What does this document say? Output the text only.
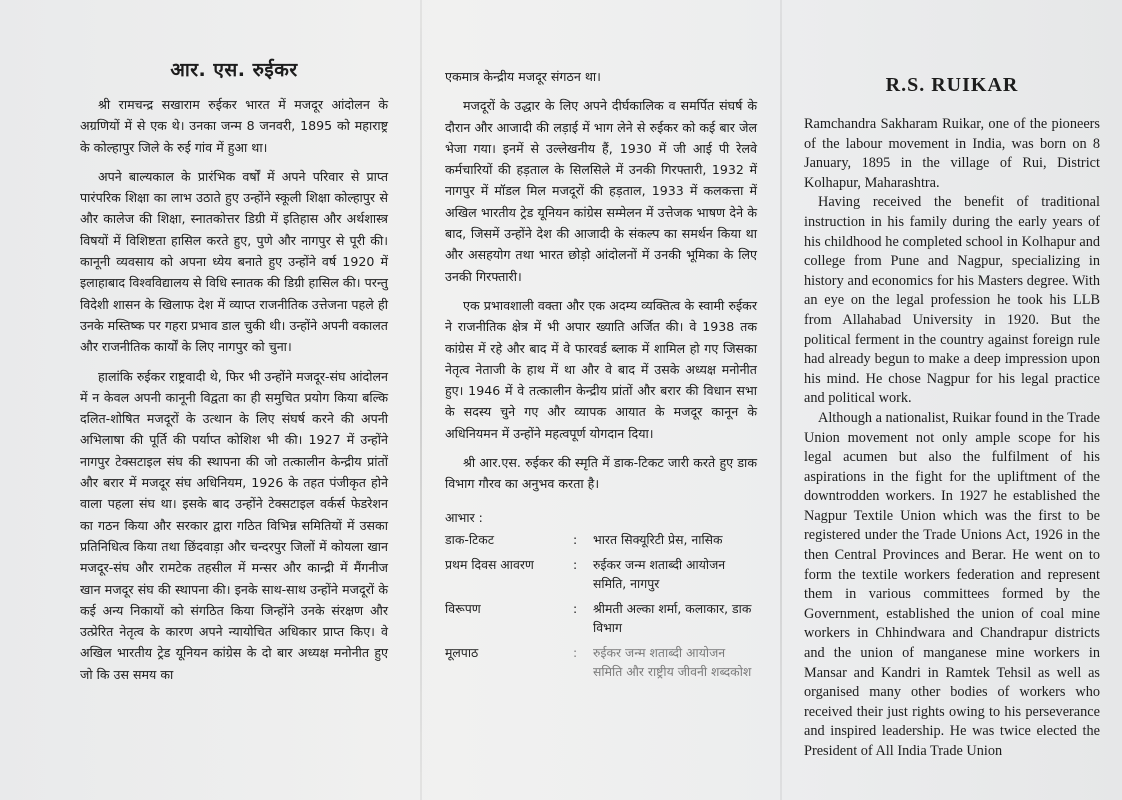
आर. एस. रुईकर

श्री रामचन्द्र सखाराम रुईकर भारत में मजदूर आंदोलन के अग्रणियों में से एक थे। उनका जन्म 8 जनवरी, 1895 को महाराष्ट्र के कोल्हापुर जिले के रुई गांव में हुआ था।

अपने बाल्यकाल के प्रारंभिक वर्षों में अपने परिवार से प्राप्त पारंपरिक शिक्षा का लाभ उठाते हुए उन्होंने स्कूली शिक्षा कोल्हापुर से और कालेज की शिक्षा, स्नातकोत्तर डिग्री में इतिहास और अर्थशास्त्र विषयों में विशिष्टता हासिल करते हुए, पुणे और नागपुर से पूरी की। कानूनी व्यवसाय को अपना ध्येय बनाते हुए उन्होंने वर्ष 1920 में इलाहाबाद विश्वविद्यालय से विधि स्नातक की डिग्री हासिल की। परन्तु विदेशी शासन के खिलाफ देश में व्याप्त राजनीतिक उत्तेजना पहले ही उनके मस्तिष्क पर गहरा प्रभाव डाल चुकी थी। उन्होंने अपनी वकालत और राजनीतिक कार्यों के लिए नागपुर को चुना।

हालांकि रुईकर राष्ट्रवादी थे, फिर भी उन्होंने मजदूर-संघ आंदोलन में न केवल अपनी कानूनी विद्वता का ही समुचित प्रयोग किया बल्कि दलित-शोषित मजदूरों के उत्थान के लिए संघर्ष करने की अपनी अभिलाषा की पूर्ति की पर्याप्त कोशिश भी की। 1927 में उन्होंने नागपुर टेक्सटाइल संघ की स्थापना की जो तत्कालीन केन्द्रीय प्रांतों और बरार में मजदूर संघ अधिनियम, 1926 के तहत पंजीकृत होने वाला पहला संघ था। इसके बाद उन्होंने टेक्सटाइल वर्कर्स फेडरेशन का गठन किया और सरकार द्वारा गठित विभिन्न समितियों में उसका प्रतिनिधित्व किया तथा छिंदवाड़ा और चन्दरपुर जिलों में कोयला खान मजदूर-संघ और रामटेक तहसील में मन्सर और कान्द्री में मैंगनीज खान मजदूर संघ की स्थापना की। इनके साथ-साथ उन्होंने मजदूरों के कई अन्य निकायों को संगठित किया जिन्होंने उनके संरक्षण और उत्प्रेरित नेतृत्व के कारण अपने न्यायोचित अधिकार प्राप्त किए। वे अखिल भारतीय ट्रेड यूनियन कांग्रेस के दो बार अध्यक्ष मनोनीत हुए जो कि उस समय का

एकमात्र केन्द्रीय मजदूर संगठन था।

मजदूरों के उद्धार के लिए अपने दीर्घकालिक व समर्पित संघर्ष के दौरान और आजादी की लड़ाई में भाग लेने से रुईकर को कई बार जेल भेजा गया। इनमें से उल्लेखनीय हैं, 1930 में जी आई पी रेलवे कर्मचारियों की हड़ताल के सिलसिले में उनकी गिरफ्तारी, 1932 में नागपुर में मॉडल मिल मजदूरों की हड़ताल, 1933 में कलकत्ता में अखिल भारतीय ट्रेड यूनियन कांग्रेस सम्मेलन में उत्तेजक भाषण देने के बाद, जिसमें उन्होंने देश की आजादी के संकल्प का समर्थन किया था और असहयोग तथा भारत छोड़ो आंदोलनों में उनकी भूमिका के लिए उनकी गिरफ्तारी।

एक प्रभावशाली वक्ता और एक अदम्य व्यक्तित्व के स्वामी रुईकर ने राजनीतिक क्षेत्र में भी अपार ख्याति अर्जित की। वे 1938 तक कांग्रेस में रहे और बाद में वे फारवर्ड ब्लाक में शामिल हो गए जिसका नेतृत्व नेताजी के हाथ में था और वे बाद में उसके अध्यक्ष मनोनीत हुए। 1946 में वे तत्कालीन केन्द्रीय प्रांतों और बरार की विधान सभा के सदस्य चुने गए और व्यापक आयात के मजदूर कानून के अधिनियमन में उन्होंने महत्वपूर्ण योगदान दिया।

श्री आर.एस. रुईकर की स्मृति में डाक-टिकट जारी करते हुए डाक विभाग गौरव का अनुभव करता है।

आभार :
डाक-टिकट	:	भारत सिक्यूरिटी प्रेस, नासिक
प्रथम दिवस आवरण	:	रुईकर जन्म शताब्दी आयोजन समिति, नागपुर
विरूपण	:	श्रीमती अल्का शर्मा, कलाकार, डाक विभाग
मूलपाठ	:	रुईकर जन्म शताब्दी आयोजन समिति और राष्ट्रीय जीवनी शब्दकोश
R.S. RUIKAR

Ramchandra Sakharam Ruikar, one of the pioneers of the labour movement in India, was born on 8 January, 1895 in the village of Rui, District Kolhapur, Maharashtra.

Having received the benefit of traditional instruction in his family during the early years of his childhood he completed school in Kolhapur and college from Pune and Nagpur, specializing in history and economics for his Masters degree. With an eye on the legal profession he took his LLB from Allahabad University in 1920. But the political ferment in the country against foreign rule had already begun to make a deep impression upon his mind. He chose Nagpur for his legal practice and political work.

Although a nationalist, Ruikar found in the Trade Union movement not only ample scope for his legal acumen but also the fulfilment of his aspirations in the fight for the upliftment of the downtrodden workers. In 1927 he established the Nagpur Textile Union which was the first to be registered under the Trade Unions Act, 1926 in the then Central Provinces and Berar. He went on to form the textile workers federation and represent them in various committees formed by the Government, established the union of coal mine workers in Chhindwara and Chandrapur districts and the union of manganese mine workers in Mansar and Kandri in Ramtek Tehsil as well as organised many other bodies of workers who received their just rights owing to his perseverance and inspired leadership. He was twice elected the President of All India Trade Union
